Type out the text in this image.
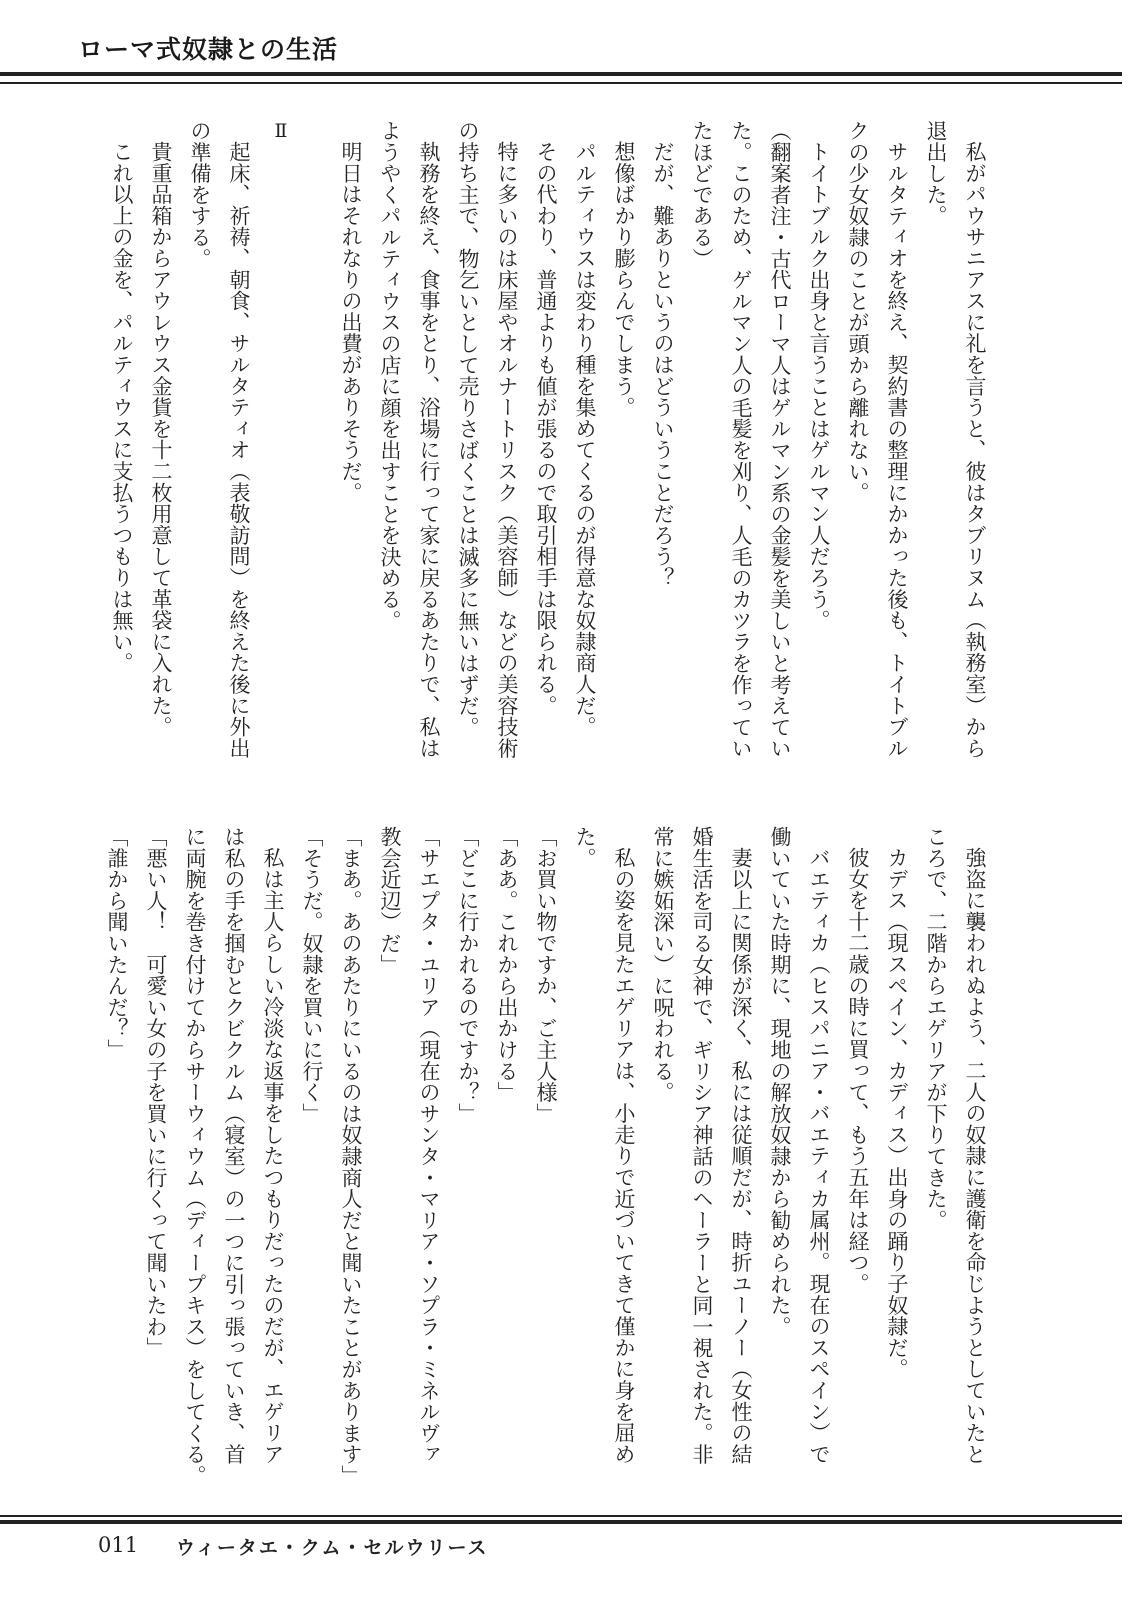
ローマ式奴隷との生活
私がパウサニアスに礼を言うと、彼はタブリヌム（執務室）から
退出した。
サルタティオを終え、契約書の整理にかかった後も、トイトブル
クの少女奴隷のことが頭から離れない。
トイトブルク出身と言うことはゲルマン人だろう。
（翻案者注・古代ローマ人はゲルマン系の金髪を美しいと考えてい
た。このため、ゲルマン人の毛髪を刈り、人毛のカツラを作ってい
たほどである）
だが、難ありというのはどういうことだろう？
想像ばかり膨らんでしまう。
パルティウスは変わり種を集めてくるのが得意な奴隷商人だ。
その代わり、普通よりも値が張るので取引相手は限られる。
特に多いのは床屋やオルナートリスク（美容師）などの美容技術
の持ち主で、物乞いとして売りさばくことは滅多に無いはずだ。
執務を終え、食事をとり、浴場に行って家に戻るあたりで、私は
ようやくパルティウスの店に顔を出すことを決める。
明日はそれなりの出費がありそうだ。
Ⅱ
起床、祈祷、朝食、サルタティオ（表敬訪問）を終えた後に外出
の準備をする。
貴重品箱からアウレウス金貨を十二枚用意して革袋に入れた。
これ以上の金を、パルティウスに支払うつもりは無い。
強盗に襲われぬよう、二人の奴隷に護衛を命じようとしていたと
ころで、二階からエゲリアが下りてきた。
カデス（現スペイン、カディス）出身の踊り子奴隷だ。
彼女を十二歳の時に買って、もう五年は経つ。
バエティカ（ヒスパニア・バエティカ属州。現在のスペイン）で
働いていた時期に、現地の解放奴隷から勧められた。
妻以上に関係が深く、私には従順だが、時折ユーノー（女性の結
婚生活を司る女神で、ギリシア神話のヘーラーと同一視された。非
常に嫉妬深い）に呪われる。
私の姿を見たエゲリアは、小走りで近づいてきて僅かに身を屈め
た。
「お買い物ですか、ご主人様」
「ああ。これから出かける」
「どこに行かれるのですか？」
「サエプタ・ユリア（現在のサンタ・マリア・ソプラ・ミネルヴァ
教会近辺）だ」
「まあ。あのあたりにいるのは奴隷商人だと聞いたことがあります」
「そうだ。奴隷を買いに行く」
私は主人らしい冷淡な返事をしたつもりだったのだが、エゲリア
は私の手を掴むとクビクルム（寝室）の一つに引っ張っていき、首
に両腕を巻き付けてからサーウィウム（ディープキス）をしてくる。
「悪い人！　可愛い女の子を買いに行くって聞いたわ」
「誰から聞いたんだ？」
011 ウィータエ・クム・セルウリース
